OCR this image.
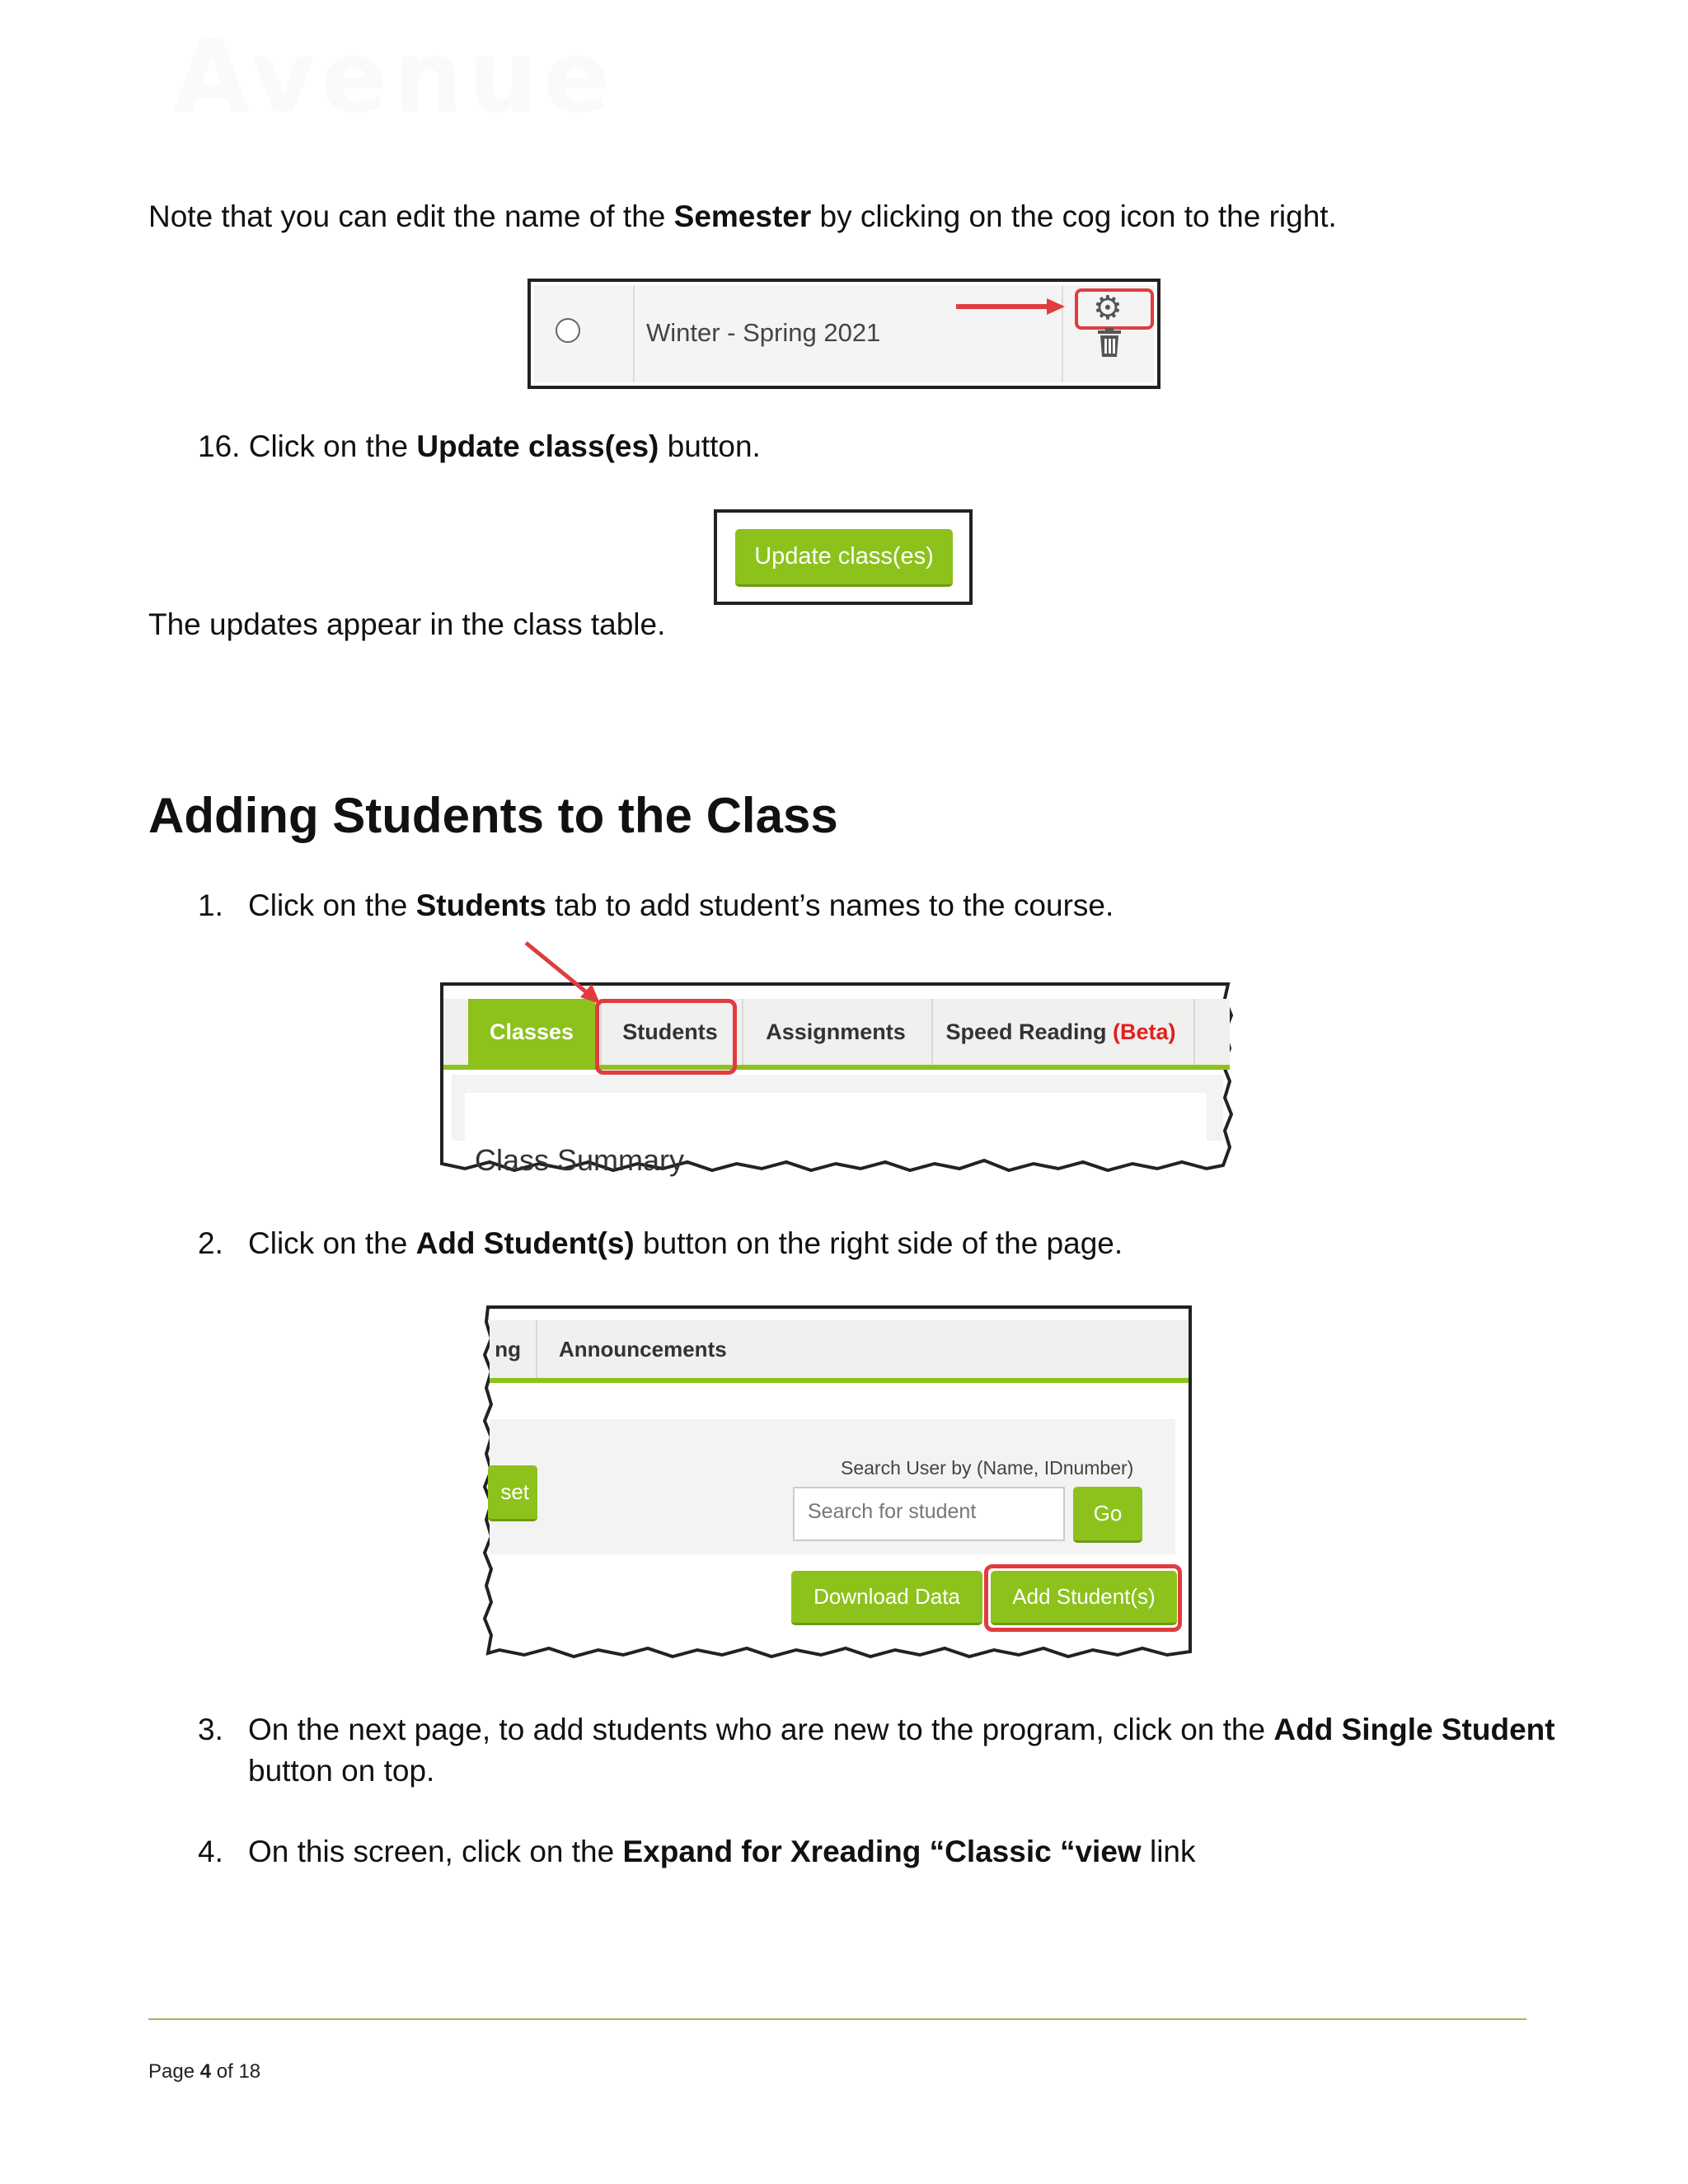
Avenue
Note that you can edit the name of the Semester by clicking on the cog icon to the right.
Winter - Spring 2021
⚙
16. Click on the Update class(es) button.
Update class(es)
The updates appear in the class table.
Adding Students to the Class
1. Click on the Students tab to add student’s names to the course.
Classes	Students	Assignments	Speed Reading (Beta)
Class Summary
2. Click on the Add Student(s) button on the right side of the page.
ng Announcements
set
Search User by (Name, IDnumber)
Search for student	Go
Download Data	Add Student(s)
3. On the next page, to add students who are new to the program, click on the Add Single Student
button on top.
4. On this screen, click on the Expand for Xreading “Classic “view link
Page 4 of 18
